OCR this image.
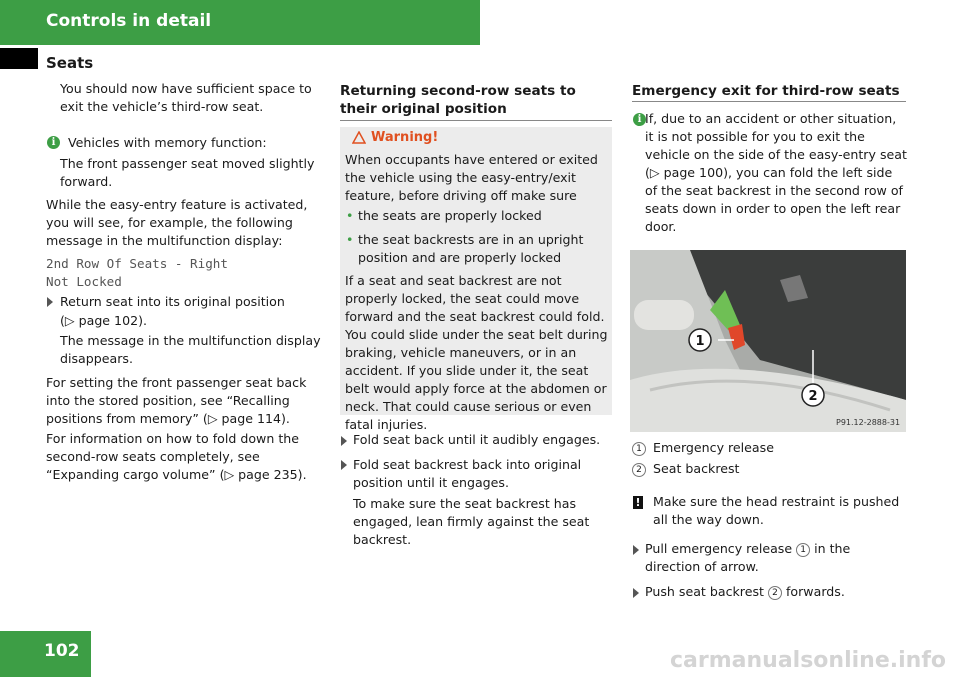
Controls in detail
Seats

You should now have sufficient space to exit the vehicle’s third-row seat.

i Vehicles with memory function:

The front passenger seat moved slightly forward.

While the easy-entry feature is activated, you will see, for example, the following message in the multifunction display:

2nd Row Of Seats - Right
Not Locked

Return seat into its original position

(▷ page 102).

The message in the multifunction display disappears.

For setting the front passenger seat back into the stored position, see “Recalling positions from memory” (▷ page 114).

For information on how to fold down the second-row seats completely, see “Expanding cargo volume” (▷ page 235).

Returning second-row seats to their original position
Warning!

When occupants have entered or exited the vehicle using the easy-entry/exit feature, before driving off make sure

• the seats are properly locked

• the seat backrests are in an upright position and are properly locked

If a seat and seat backrest are not properly locked, the seat could move forward and the seat backrest could fold. You could slide under the seat belt during braking, vehicle maneuvers, or in an accident. If you slide under it, the seat belt would apply force at the abdomen or neck. That could cause serious or even fatal injuries.

Fold seat back until it audibly engages.

Fold seat backrest back into original position until it engages.

To make sure the seat backrest has engaged, lean firmly against the seat backrest.

Emergency exit for third-row seats
i If, due to an accident or other situation, it is not possible for you to exit the vehicle on the side of the easy-entry seat (▷ page 100), you can fold the left side of the seat backrest in the second row of seats down in order to open the left rear door.

1
2
P91.12-2888-31

1 Emergency release

2 Seat backrest

! Make sure the head restraint is pushed all the way down.

Pull emergency release 1 in the direction of arrow.

Push seat backrest 2 forwards.

102	carmanualsonline.info
